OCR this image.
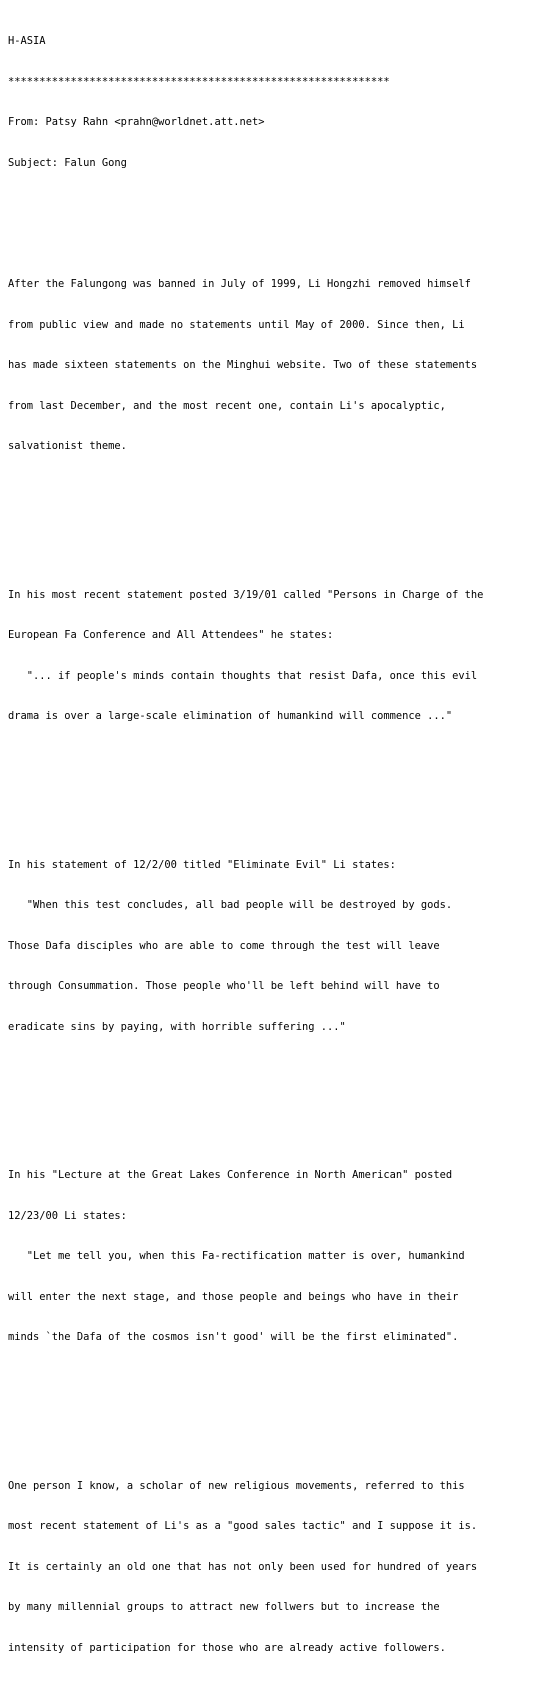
H-ASIA

*************************************************************

From: Patsy Rahn <prahn@worldnet.att.net>

Subject: Falun Gong

After the Falungong was banned in July of 1999, Li Hongzhi removed himself

from public view and made no statements until May of 2000. Since then, Li

has made sixteen statements on the Minghui website. Two of these statements

from last December, and the most recent one, contain Li's apocalyptic,

salvationist theme.

In his most recent statement posted 3/19/01 called "Persons in Charge of the

European Fa Conference and All Attendees" he states:

"... if people's minds contain thoughts that resist Dafa, once this evil

drama is over a large-scale elimination of humankind will commence ..."

In his statement of 12/2/00 titled "Eliminate Evil" Li states:

"When this test concludes, all bad people will be destroyed by gods.

Those Dafa disciples who are able to come through the test will leave

through Consummation. Those people who'll be left behind will have to

eradicate sins by paying, with horrible suffering ..."

In his "Lecture at the Great Lakes Conference in North American" posted

12/23/00 Li states:

"Let me tell you, when this Fa-rectification matter is over, humankind

will enter the next stage, and those people and beings who have in their

minds `the Dafa of the cosmos isn't good' will be the first eliminated".

One person I know, a scholar of new religious movements, referred to this

most recent statement of Li's as a "good sales tactic" and I suppose it is.

It is certainly an old one that has not only been used for hundred of years

by many millennial groups to attract new follwers but to increase the

intensity of participation for those who are already active followers.
